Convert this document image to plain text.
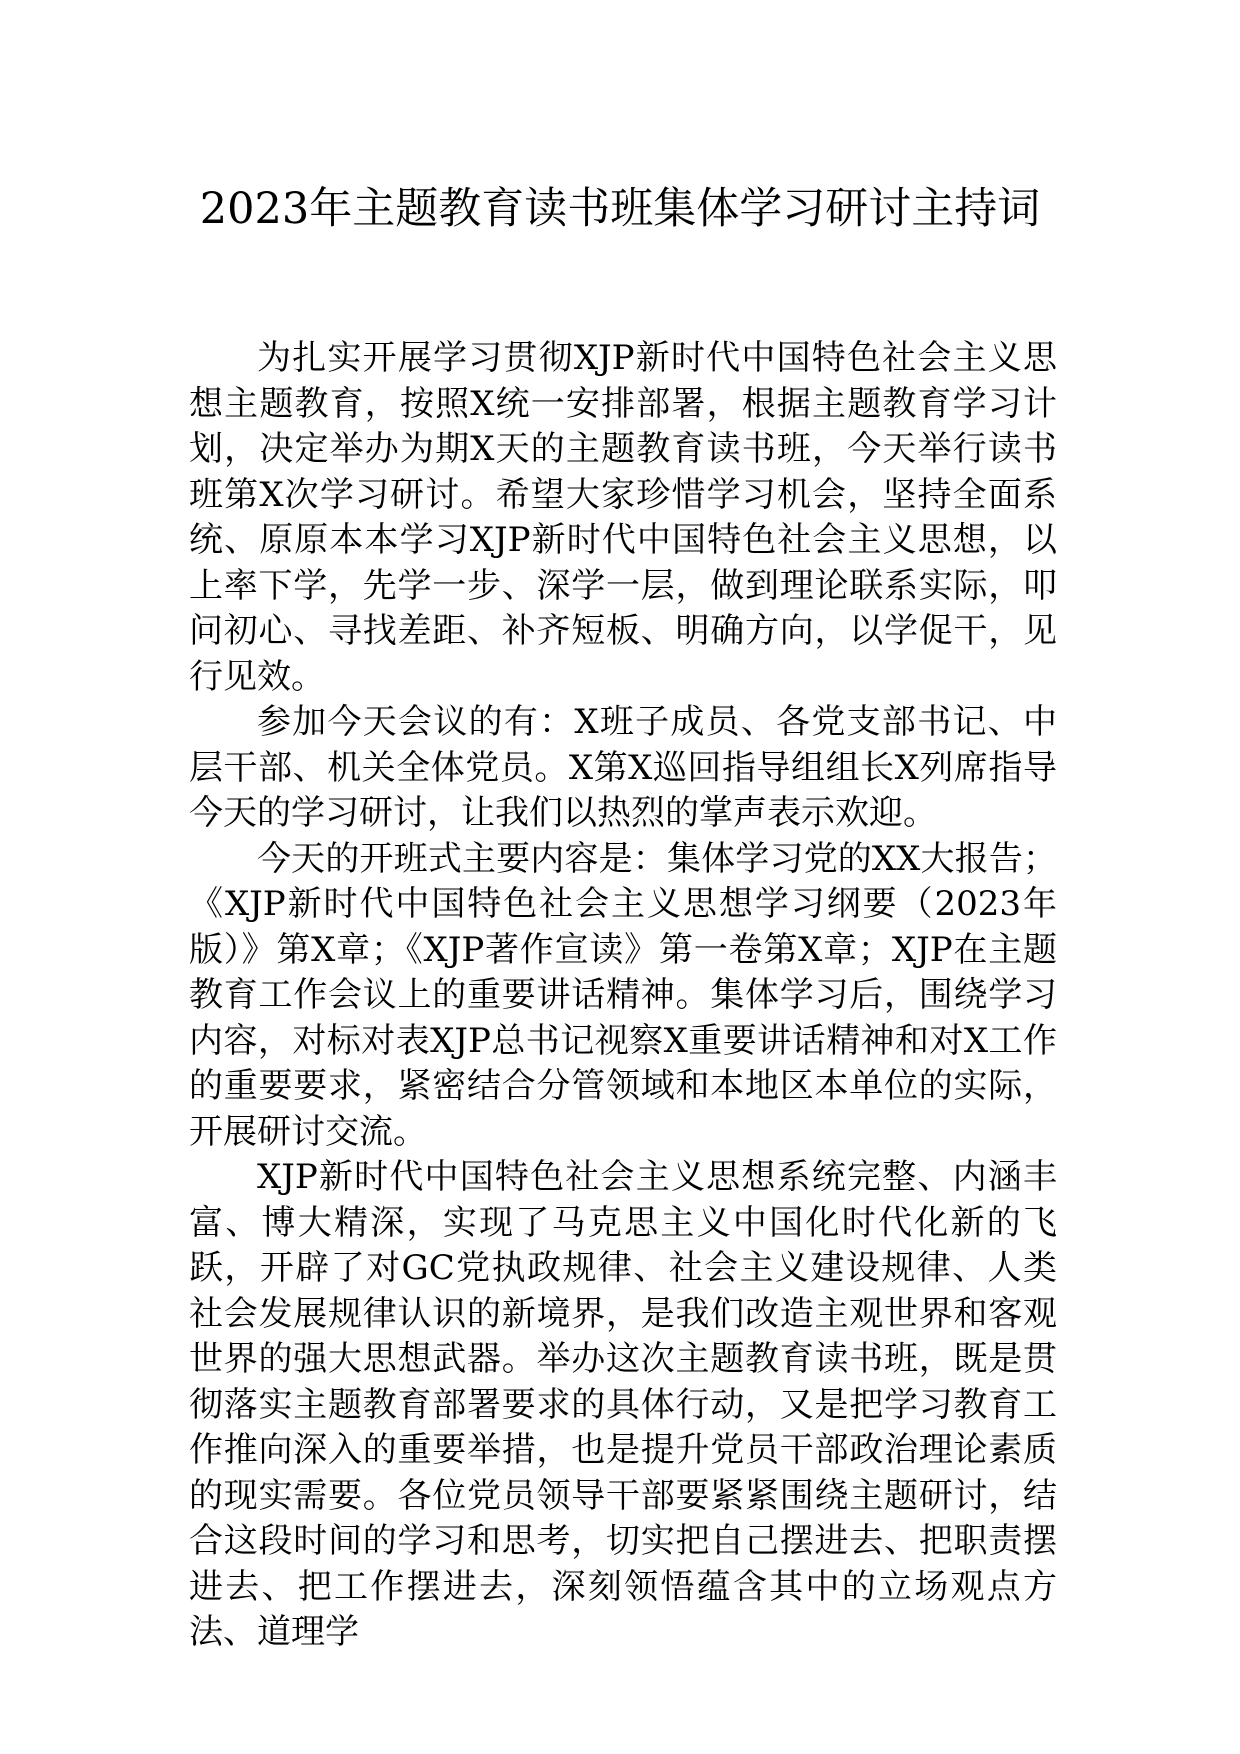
2023年主题教育读书班集体学习研讨主持词

为扎实开展学习贯彻XJP新时代中国特色社会主义思想主题教育，按照X统一安排部署，根据主题教育学习计划，决定举办为期X天的主题教育读书班，今天举行读书班第X次学习研讨。希望大家珍惜学习机会，坚持全面系统、原原本本学习XJP新时代中国特色社会主义思想，以上率下学，先学一步、深学一层，做到理论联系实际，叩问初心、寻找差距、补齐短板、明确方向，以学促干，见行见效。

参加今天会议的有：X班子成员、各党支部书记、中层干部、机关全体党员。X第X巡回指导组组长X列席指导今天的学习研讨，让我们以热烈的掌声表示欢迎。

今天的开班式主要内容是：集体学习党的XX大报告；《XJP新时代中国特色社会主义思想学习纲要（2023年版）》第X章；《XJP著作宣读》第一卷第X章；XJP在主题教育工作会议上的重要讲话精神。集体学习后，围绕学习内容，对标对表XJP总书记视察X重要讲话精神和对X工作的重要要求，紧密结合分管领域和本地区本单位的实际，开展研讨交流。

XJP新时代中国特色社会主义思想系统完整、内涵丰富、博大精深，实现了马克思主义中国化时代化新的飞跃，开辟了对GC党执政规律、社会主义建设规律、人类社会发展规律认识的新境界，是我们改造主观世界和客观世界的强大思想武器。举办这次主题教育读书班，既是贯彻落实主题教育部署要求的具体行动，又是把学习教育工作推向深入的重要举措，也是提升党员干部政治理论素质的现实需要。各位党员领导干部要紧紧围绕主题研讨，结合这段时间的学习和思考，切实把自己摆进去、把职责摆进去、把工作摆进去，深刻领悟蕴含其中的立场观点方法、道理学
